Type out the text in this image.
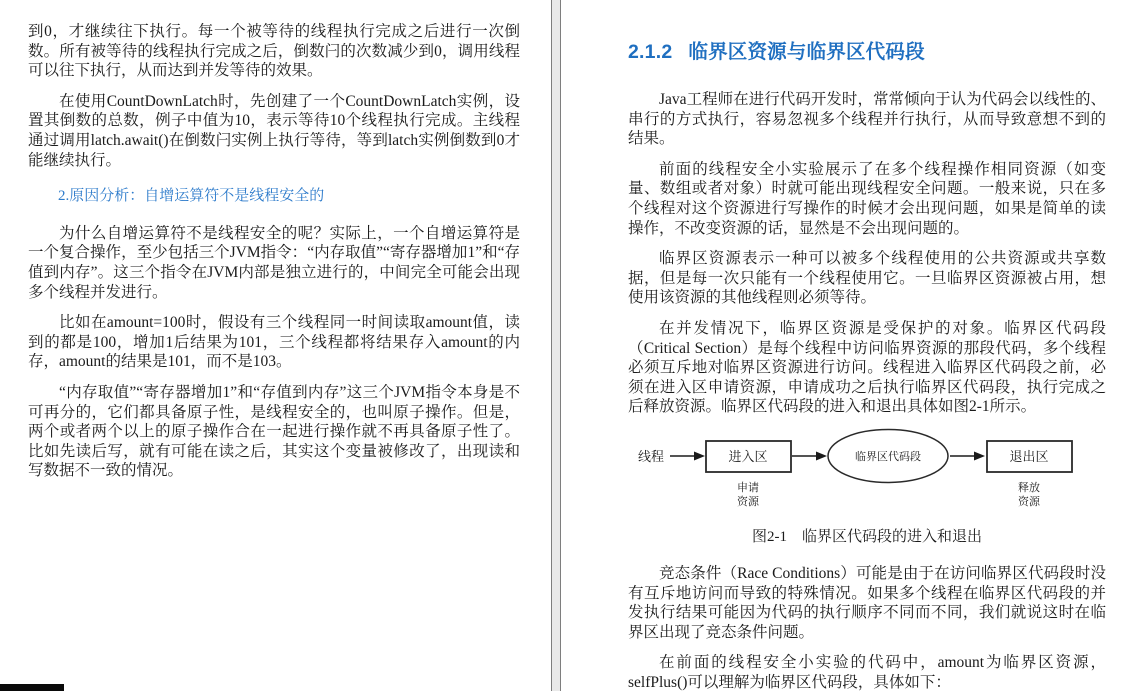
到0，才继续往下执行。每一个被等待的线程执行完成之后进行一次倒数。所有被等待的线程执行完成之后，倒数闩的次数减少到0，调用线程可以往下执行，从而达到并发等待的效果。

在使用CountDownLatch时，先创建了一个CountDownLatch实例，设置其倒数的总数，例子中值为10，表示等待10个线程执行完成。主线程通过调用latch.await()在倒数闩实例上执行等待，等到latch实例倒数到0才能继续执行。

2.原因分析：自增运算符不是线程安全的

为什么自增运算符不是线程安全的呢？实际上，一个自增运算符是一个复合操作，至少包括三个JVM指令：“内存取值”“寄存器增加1”和“存值到内存”。这三个指令在JVM内部是独立进行的，中间完全可能会出现多个线程并发进行。

比如在amount=100时，假设有三个线程同一时间读取amount值，读到的都是100，增加1后结果为101，三个线程都将结果存入amount的内存，amount的结果是101，而不是103。

“内存取值”“寄存器增加1”和“存值到内存”这三个JVM指令本身是不可再分的，它们都具备原子性，是线程安全的，也叫原子操作。但是，两个或者两个以上的原子操作合在一起进行操作就不再具备原子性了。比如先读后写，就有可能在读之后，其实这个变量被修改了，出现读和写数据不一致的情况。

2.1.2 临界区资源与临界区代码段

Java工程师在进行代码开发时，常常倾向于认为代码会以线性的、串行的方式执行，容易忽视多个线程并行执行，从而导致意想不到的结果。

前面的线程安全小实验展示了在多个线程操作相同资源（如变量、数组或者对象）时就可能出现线程安全问题。一般来说，只在多个线程对这个资源进行写操作的时候才会出现问题，如果是简单的读操作，不改变资源的话，显然是不会出现问题的。

临界区资源表示一种可以被多个线程使用的公共资源或共享数据，但是每一次只能有一个线程使用它。一旦临界区资源被占用，想使用该资源的其他线程则必须等待。

在并发情况下，临界区资源是受保护的对象。临界区代码段（Critical Section）是每个线程中访问临界资源的那段代码，多个线程必须互斥地对临界区资源进行访问。线程进入临界区代码段之前，必须在进入区申请资源，申请成功之后执行临界区代码段，执行完成之后释放资源。临界区代码段的进入和退出具体如图2-1所示。

线程	进入区	临界区代码段	退出区
申请
资源
释放
资源
图2-1　临界区代码段的进入和退出

竞态条件（Race Conditions）可能是由于在访问临界区代码段时没有互斥地访问而导致的特殊情况。如果多个线程在临界区代码段的并发执行结果可能因为代码的执行顺序不同而不同，我们就说这时在临界区出现了竞态条件问题。

在前面的线程安全小实验的代码中，amount为临界区资源，selfPlus()可以理解为临界区代码段，具体如下：
